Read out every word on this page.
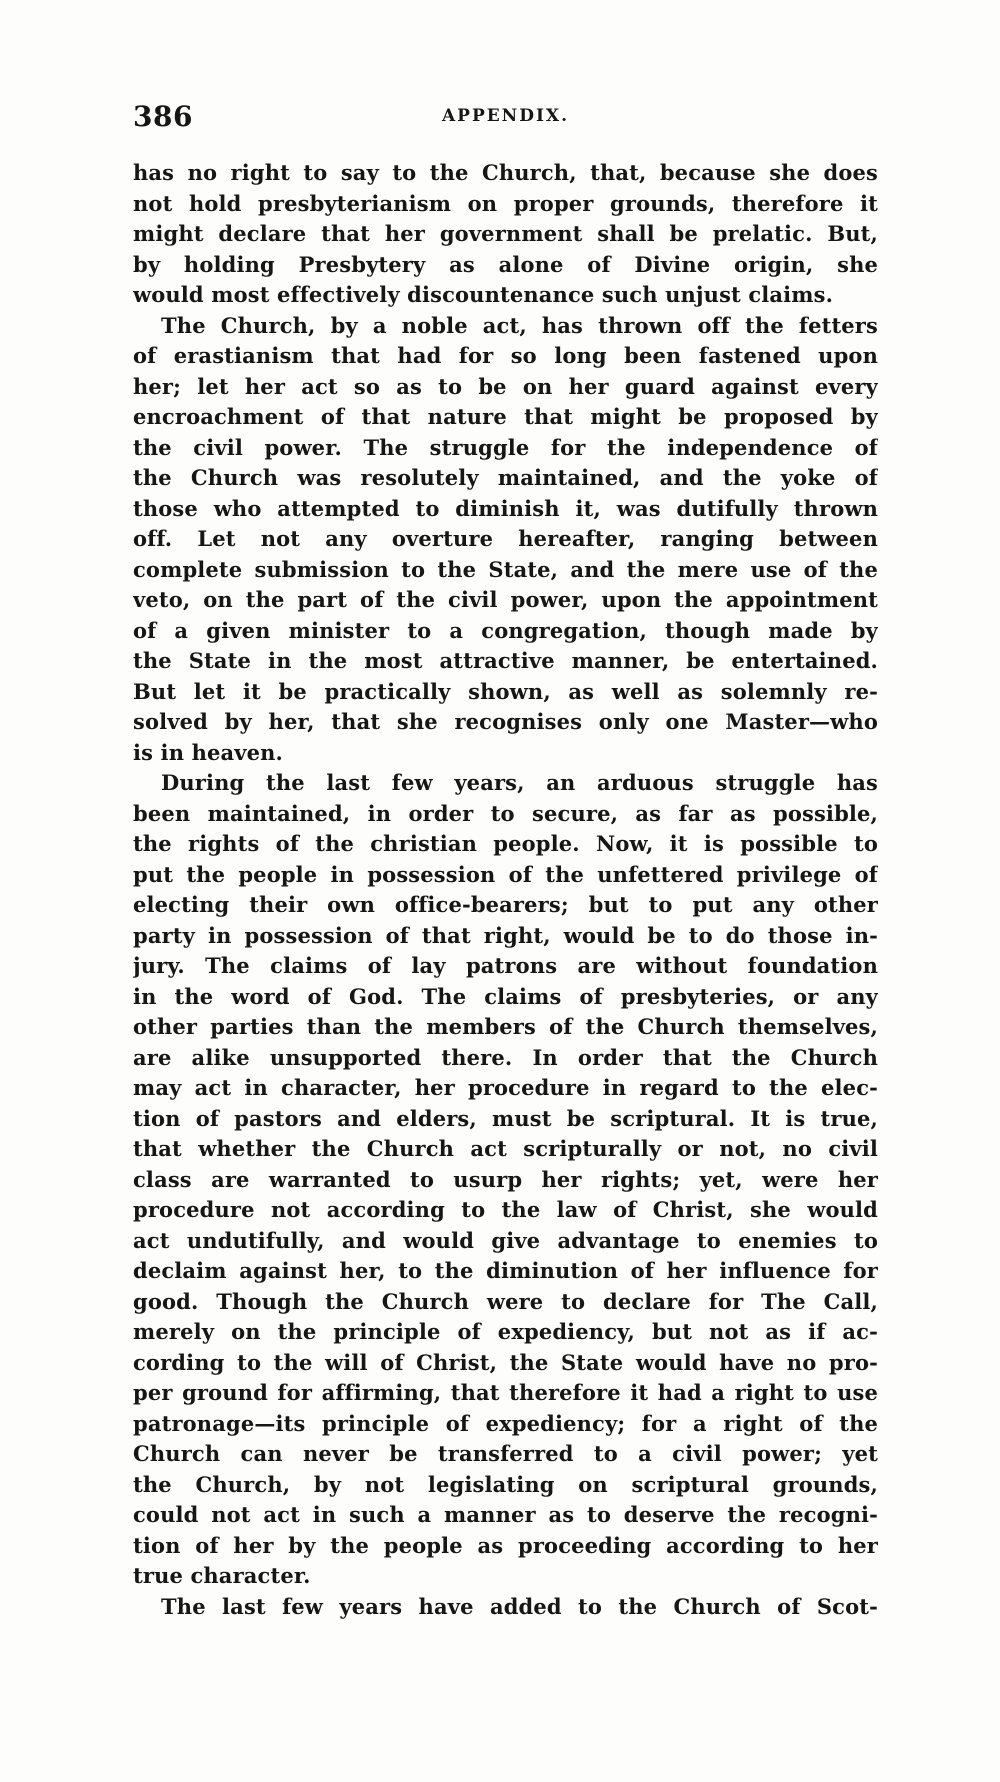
386	APPENDIX.
has no right to say to the Church, that, because she does
not hold presbyterianism on proper grounds, therefore it
might declare that her government shall be prelatic. But,
by holding Presbytery as alone of Divine origin, she
would most effectively discountenance such unjust claims.
The Church, by a noble act, has thrown off the fetters
of erastianism that had for so long been fastened upon
her; let her act so as to be on her guard against every
encroachment of that nature that might be proposed by
the civil power. The struggle for the independence of
the Church was resolutely maintained, and the yoke of
those who attempted to diminish it, was dutifully thrown
off. Let not any overture hereafter, ranging between
complete submission to the State, and the mere use of the
veto, on the part of the civil power, upon the appointment
of a given minister to a congregation, though made by
the State in the most attractive manner, be entertained.
But let it be practically shown, as well as solemnly re-
solved by her, that she recognises only one Master—who
is in heaven.
During the last few years, an arduous struggle has
been maintained, in order to secure, as far as possible,
the rights of the christian people. Now, it is possible to
put the people in possession of the unfettered privilege of
electing their own office-bearers; but to put any other
party in possession of that right, would be to do those in-
jury. The claims of lay patrons are without foundation
in the word of God. The claims of presbyteries, or any
other parties than the members of the Church themselves,
are alike unsupported there. In order that the Church
may act in character, her procedure in regard to the elec-
tion of pastors and elders, must be scriptural. It is true,
that whether the Church act scripturally or not, no civil
class are warranted to usurp her rights; yet, were her
procedure not according to the law of Christ, she would
act undutifully, and would give advantage to enemies to
declaim against her, to the diminution of her influence for
good. Though the Church were to declare for The Call,
merely on the principle of expediency, but not as if ac-
cording to the will of Christ, the State would have no pro-
per ground for affirming, that therefore it had a right to use
patronage—its principle of expediency; for a right of the
Church can never be transferred to a civil power; yet
the Church, by not legislating on scriptural grounds,
could not act in such a manner as to deserve the recogni-
tion of her by the people as proceeding according to her
true character.
The last few years have added to the Church of Scot-
